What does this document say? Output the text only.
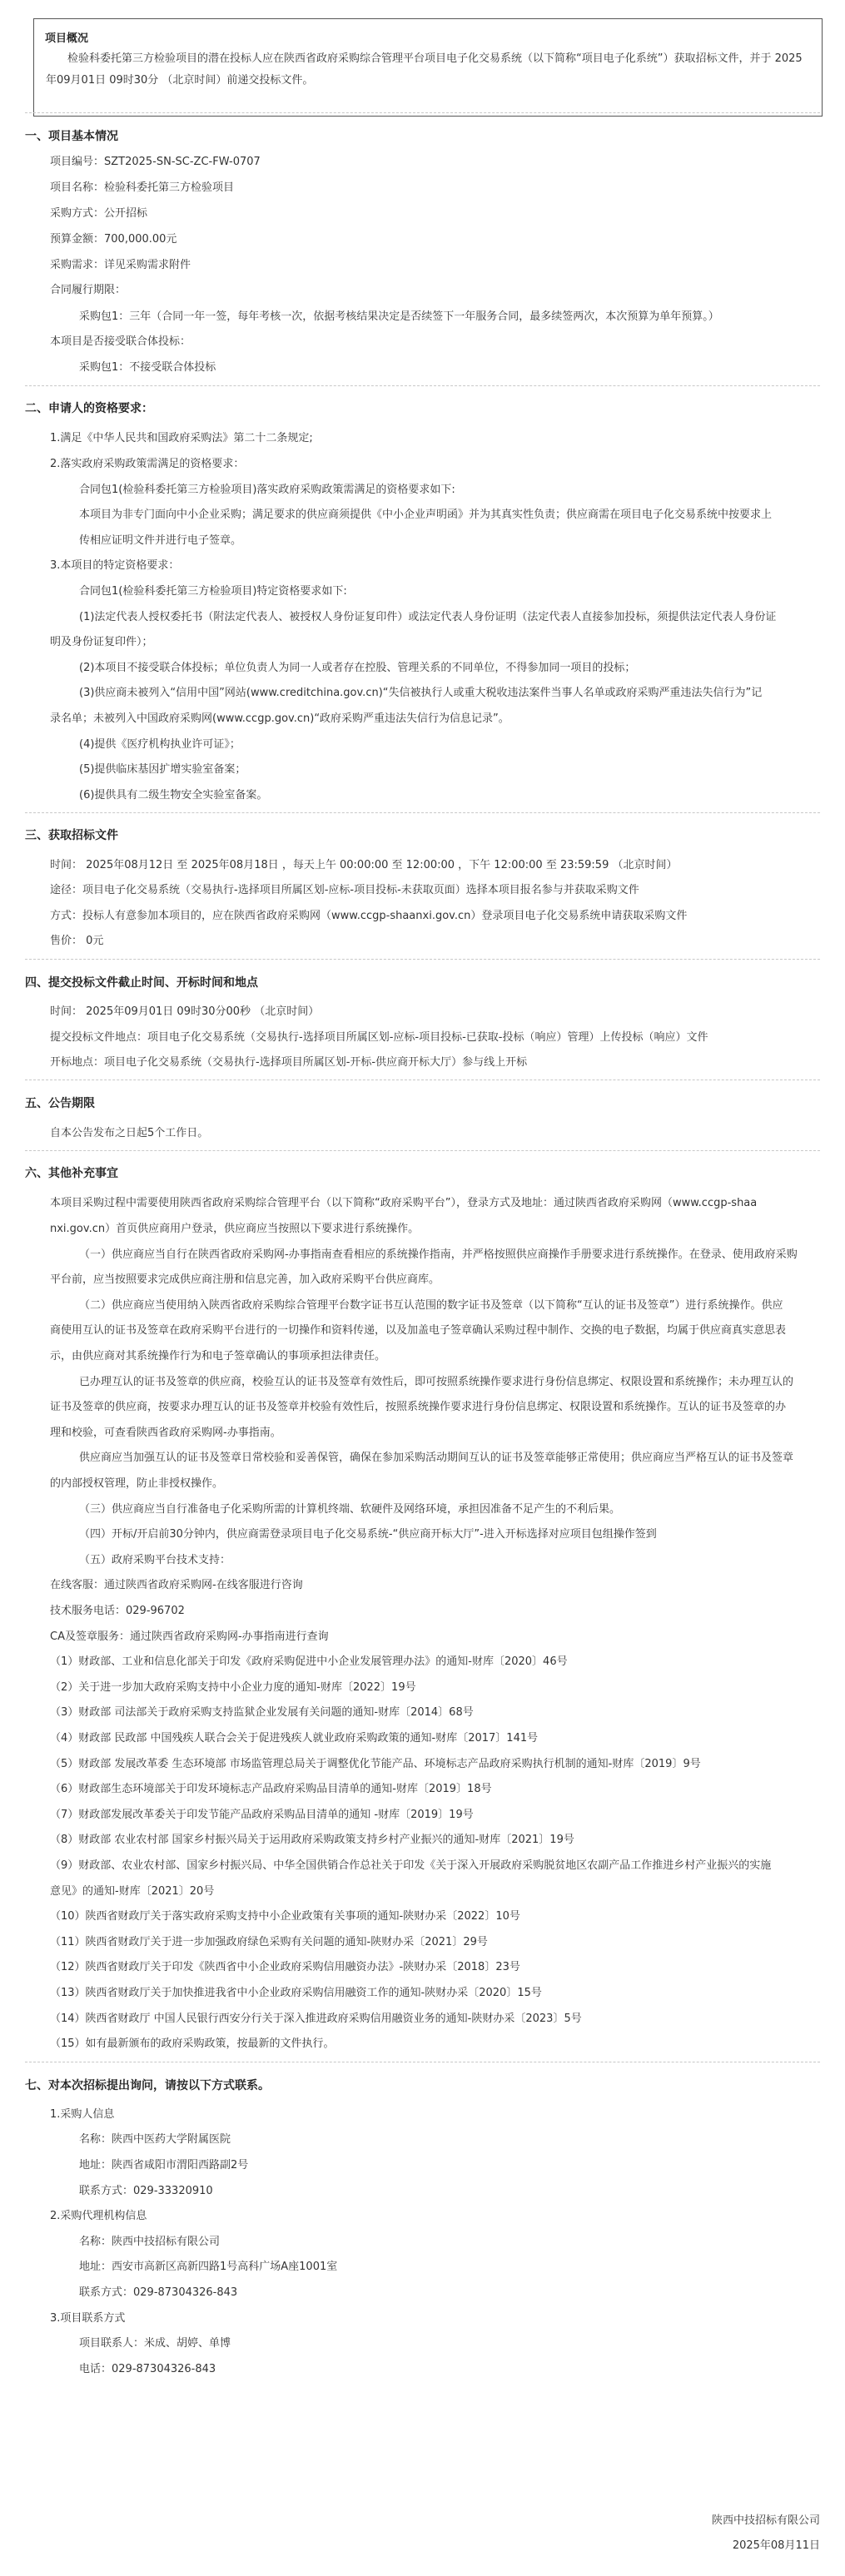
项目概况
检验科委托第三方检验项目的潜在投标人应在陕西省政府采购综合管理平台项目电子化交易系统（以下简称“项目电子化系统”）获取招标文件，并于 2025年09月01日 09时30分 （北京时间）前递交投标文件。
一、项目基本情况
项目编号：SZT2025-SN-SC-ZC-FW-0707
项目名称：检验科委托第三方检验项目
采购方式：公开招标
预算金额：700,000.00元
采购需求：详见采购需求附件
合同履行期限：
采购包1：三年（合同一年一签，每年考核一次，依据考核结果决定是否续签下一年服务合同，最多续签两次，本次预算为单年预算。）
本项目是否接受联合体投标：
采购包1：不接受联合体投标
二、申请人的资格要求：
1.满足《中华人民共和国政府采购法》第二十二条规定;
2.落实政府采购政策需满足的资格要求：
合同包1(检验科委托第三方检验项目)落实政府采购政策需满足的资格要求如下:
本项目为非专门面向中小企业采购；满足要求的供应商须提供《中小企业声明函》并为其真实性负责；供应商需在项目电子化交易系统中按要求上
传相应证明文件并进行电子签章。
3.本项目的特定资格要求：
合同包1(检验科委托第三方检验项目)特定资格要求如下:
(1)法定代表人授权委托书（附法定代表人、被授权人身份证复印件）或法定代表人身份证明（法定代表人直接参加投标，须提供法定代表人身份证
明及身份证复印件）；
(2)本项目不接受联合体投标；单位负责人为同一人或者存在控股、管理关系的不同单位，不得参加同一项目的投标；
(3)供应商未被列入“信用中国”网站(www.creditchina.gov.cn)“失信被执行人或重大税收违法案件当事人名单或政府采购严重违法失信行为”记
录名单；未被列入中国政府采购网(www.ccgp.gov.cn)“政府采购严重违法失信行为信息记录”。
(4)提供《医疗机构执业许可证》；
(5)提供临床基因扩增实验室备案；
(6)提供具有二级生物安全实验室备案。
三、获取招标文件
时间： 2025年08月12日 至 2025年08月18日 ，每天上午 00:00:00 至 12:00:00 ，下午 12:00:00 至 23:59:59 （北京时间）
途径：项目电子化交易系统（交易执行-选择项目所属区划-应标-项目投标-未获取页面）选择本项目报名参与并获取采购文件
方式：投标人有意参加本项目的，应在陕西省政府采购网（www.ccgp-shaanxi.gov.cn）登录项目电子化交易系统申请获取采购文件
售价： 0元
四、提交投标文件截止时间、开标时间和地点
时间： 2025年09月01日 09时30分00秒 （北京时间）
提交投标文件地点：项目电子化交易系统（交易执行-选择项目所属区划-应标-项目投标-已获取-投标（响应）管理）上传投标（响应）文件
开标地点：项目电子化交易系统（交易执行-选择项目所属区划-开标-供应商开标大厅）参与线上开标
五、公告期限
自本公告发布之日起5个工作日。
六、其他补充事宜
本项目采购过程中需要使用陕西省政府采购综合管理平台（以下简称“政府采购平台”），登录方式及地址：通过陕西省政府采购网（www.ccgp-shaa
nxi.gov.cn）首页供应商用户登录，供应商应当按照以下要求进行系统操作。
（一）供应商应当自行在陕西省政府采购网-办事指南查看相应的系统操作指南，并严格按照供应商操作手册要求进行系统操作。在登录、使用政府采购
平台前，应当按照要求完成供应商注册和信息完善，加入政府采购平台供应商库。
（二）供应商应当使用纳入陕西省政府采购综合管理平台数字证书互认范围的数字证书及签章（以下简称“互认的证书及签章”）进行系统操作。供应
商使用互认的证书及签章在政府采购平台进行的一切操作和资料传递，以及加盖电子签章确认采购过程中制作、交换的电子数据，均属于供应商真实意思表
示，由供应商对其系统操作行为和电子签章确认的事项承担法律责任。
已办理互认的证书及签章的供应商，校验互认的证书及签章有效性后，即可按照系统操作要求进行身份信息绑定、权限设置和系统操作；未办理互认的
证书及签章的供应商，按要求办理互认的证书及签章并校验有效性后，按照系统操作要求进行身份信息绑定、权限设置和系统操作。互认的证书及签章的办
理和校验，可查看陕西省政府采购网-办事指南。
供应商应当加强互认的证书及签章日常校验和妥善保管，确保在参加采购活动期间互认的证书及签章能够正常使用；供应商应当严格互认的证书及签章
的内部授权管理，防止非授权操作。
（三）供应商应当自行准备电子化采购所需的计算机终端、软硬件及网络环境，承担因准备不足产生的不利后果。
（四）开标/开启前30分钟内，供应商需登录项目电子化交易系统-“供应商开标大厅”-进入开标选择对应项目包组操作签到
（五）政府采购平台技术支持：
在线客服：通过陕西省政府采购网-在线客服进行咨询
技术服务电话：029-96702
CA及签章服务：通过陕西省政府采购网-办事指南进行查询
（1）财政部、工业和信息化部关于印发《政府采购促进中小企业发展管理办法》的通知-财库〔2020〕46号
（2）关于进一步加大政府采购支持中小企业力度的通知-财库〔2022〕19号
（3）财政部 司法部关于政府采购支持监狱企业发展有关问题的通知-财库〔2014〕68号
（4）财政部 民政部 中国残疾人联合会关于促进残疾人就业政府采购政策的通知-财库〔2017〕141号
（5）财政部 发展改革委 生态环境部 市场监管理总局关于调整优化节能产品、环境标志产品政府采购执行机制的通知-财库〔2019〕9号
（6）财政部生态环境部关于印发环境标志产品政府采购品目清单的通知-财库〔2019〕18号
（7）财政部发展改革委关于印发节能产品政府采购品目清单的通知 -财库〔2019〕19号
（8）财政部 农业农村部 国家乡村振兴局关于运用政府采购政策支持乡村产业振兴的通知-财库〔2021〕19号
（9）财政部、农业农村部、国家乡村振兴局、中华全国供销合作总社关于印发《关于深入开展政府采购脱贫地区农副产品工作推进乡村产业振兴的实施
意见》的通知-财库〔2021〕20号
（10）陕西省财政厅关于落实政府采购支持中小企业政策有关事项的通知-陕财办采〔2022〕10号
（11）陕西省财政厅关于进一步加强政府绿色采购有关问题的通知-陕财办采〔2021〕29号
（12）陕西省财政厅关于印发《陕西省中小企业政府采购信用融资办法》-陕财办采〔2018〕23号
（13）陕西省财政厅关于加快推进我省中小企业政府采购信用融资工作的通知-陕财办采〔2020〕15号
（14）陕西省财政厅 中国人民银行西安分行关于深入推进政府采购信用融资业务的通知-陕财办采〔2023〕5号
（15）如有最新颁布的政府采购政策，按最新的文件执行。
七、对本次招标提出询问，请按以下方式联系。
1.采购人信息
名称：陕西中医药大学附属医院
地址：陕西省咸阳市渭阳西路副2号
联系方式：029-33320910
2.采购代理机构信息
名称：陕西中技招标有限公司
地址：西安市高新区高新四路1号高科广场A座1001室
联系方式：029-87304326-843
3.项目联系方式
项目联系人：米成、胡婷、单博
电话：029-87304326-843
陕西中技招标有限公司
2025年08月11日
